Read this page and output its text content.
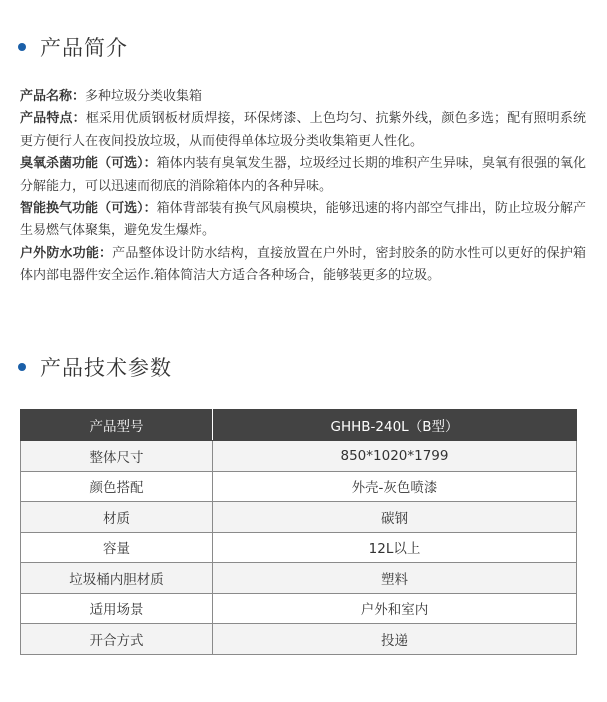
产品简介

产品名称：多种垃圾分类收集箱

产品特点：框采用优质钢板材质焊接，环保烤漆、上色均匀、抗紫外线，颜色多选；配有照明系统更方便行人在夜间投放垃圾，从而使得单体垃圾分类收集箱更人性化。

臭氧杀菌功能（可选）：箱体内装有臭氧发生器，垃圾经过长期的堆积产生异味，臭氧有很强的氧化分解能力，可以迅速而彻底的消除箱体内的各种异味。

智能换气功能（可选）：箱体背部装有换气风扇模块，能够迅速的将内部空气排出，防止垃圾分解产生易燃气体聚集，避免发生爆炸。

户外防水功能：产品整体设计防水结构，直接放置在户外时，密封胶条的防水性可以更好的保护箱体内部电器件安全运作.箱体简洁大方适合各种场合，能够装更多的垃圾。

产品技术参数
产品型号	GHHB-240L（B型）
整体尺寸	850*1020*1799
颜色搭配	外壳-灰色喷漆
材质	碳钢
容量	12L以上
垃圾桶内胆材质	塑料
适用场景	户外和室内
开合方式	投递
